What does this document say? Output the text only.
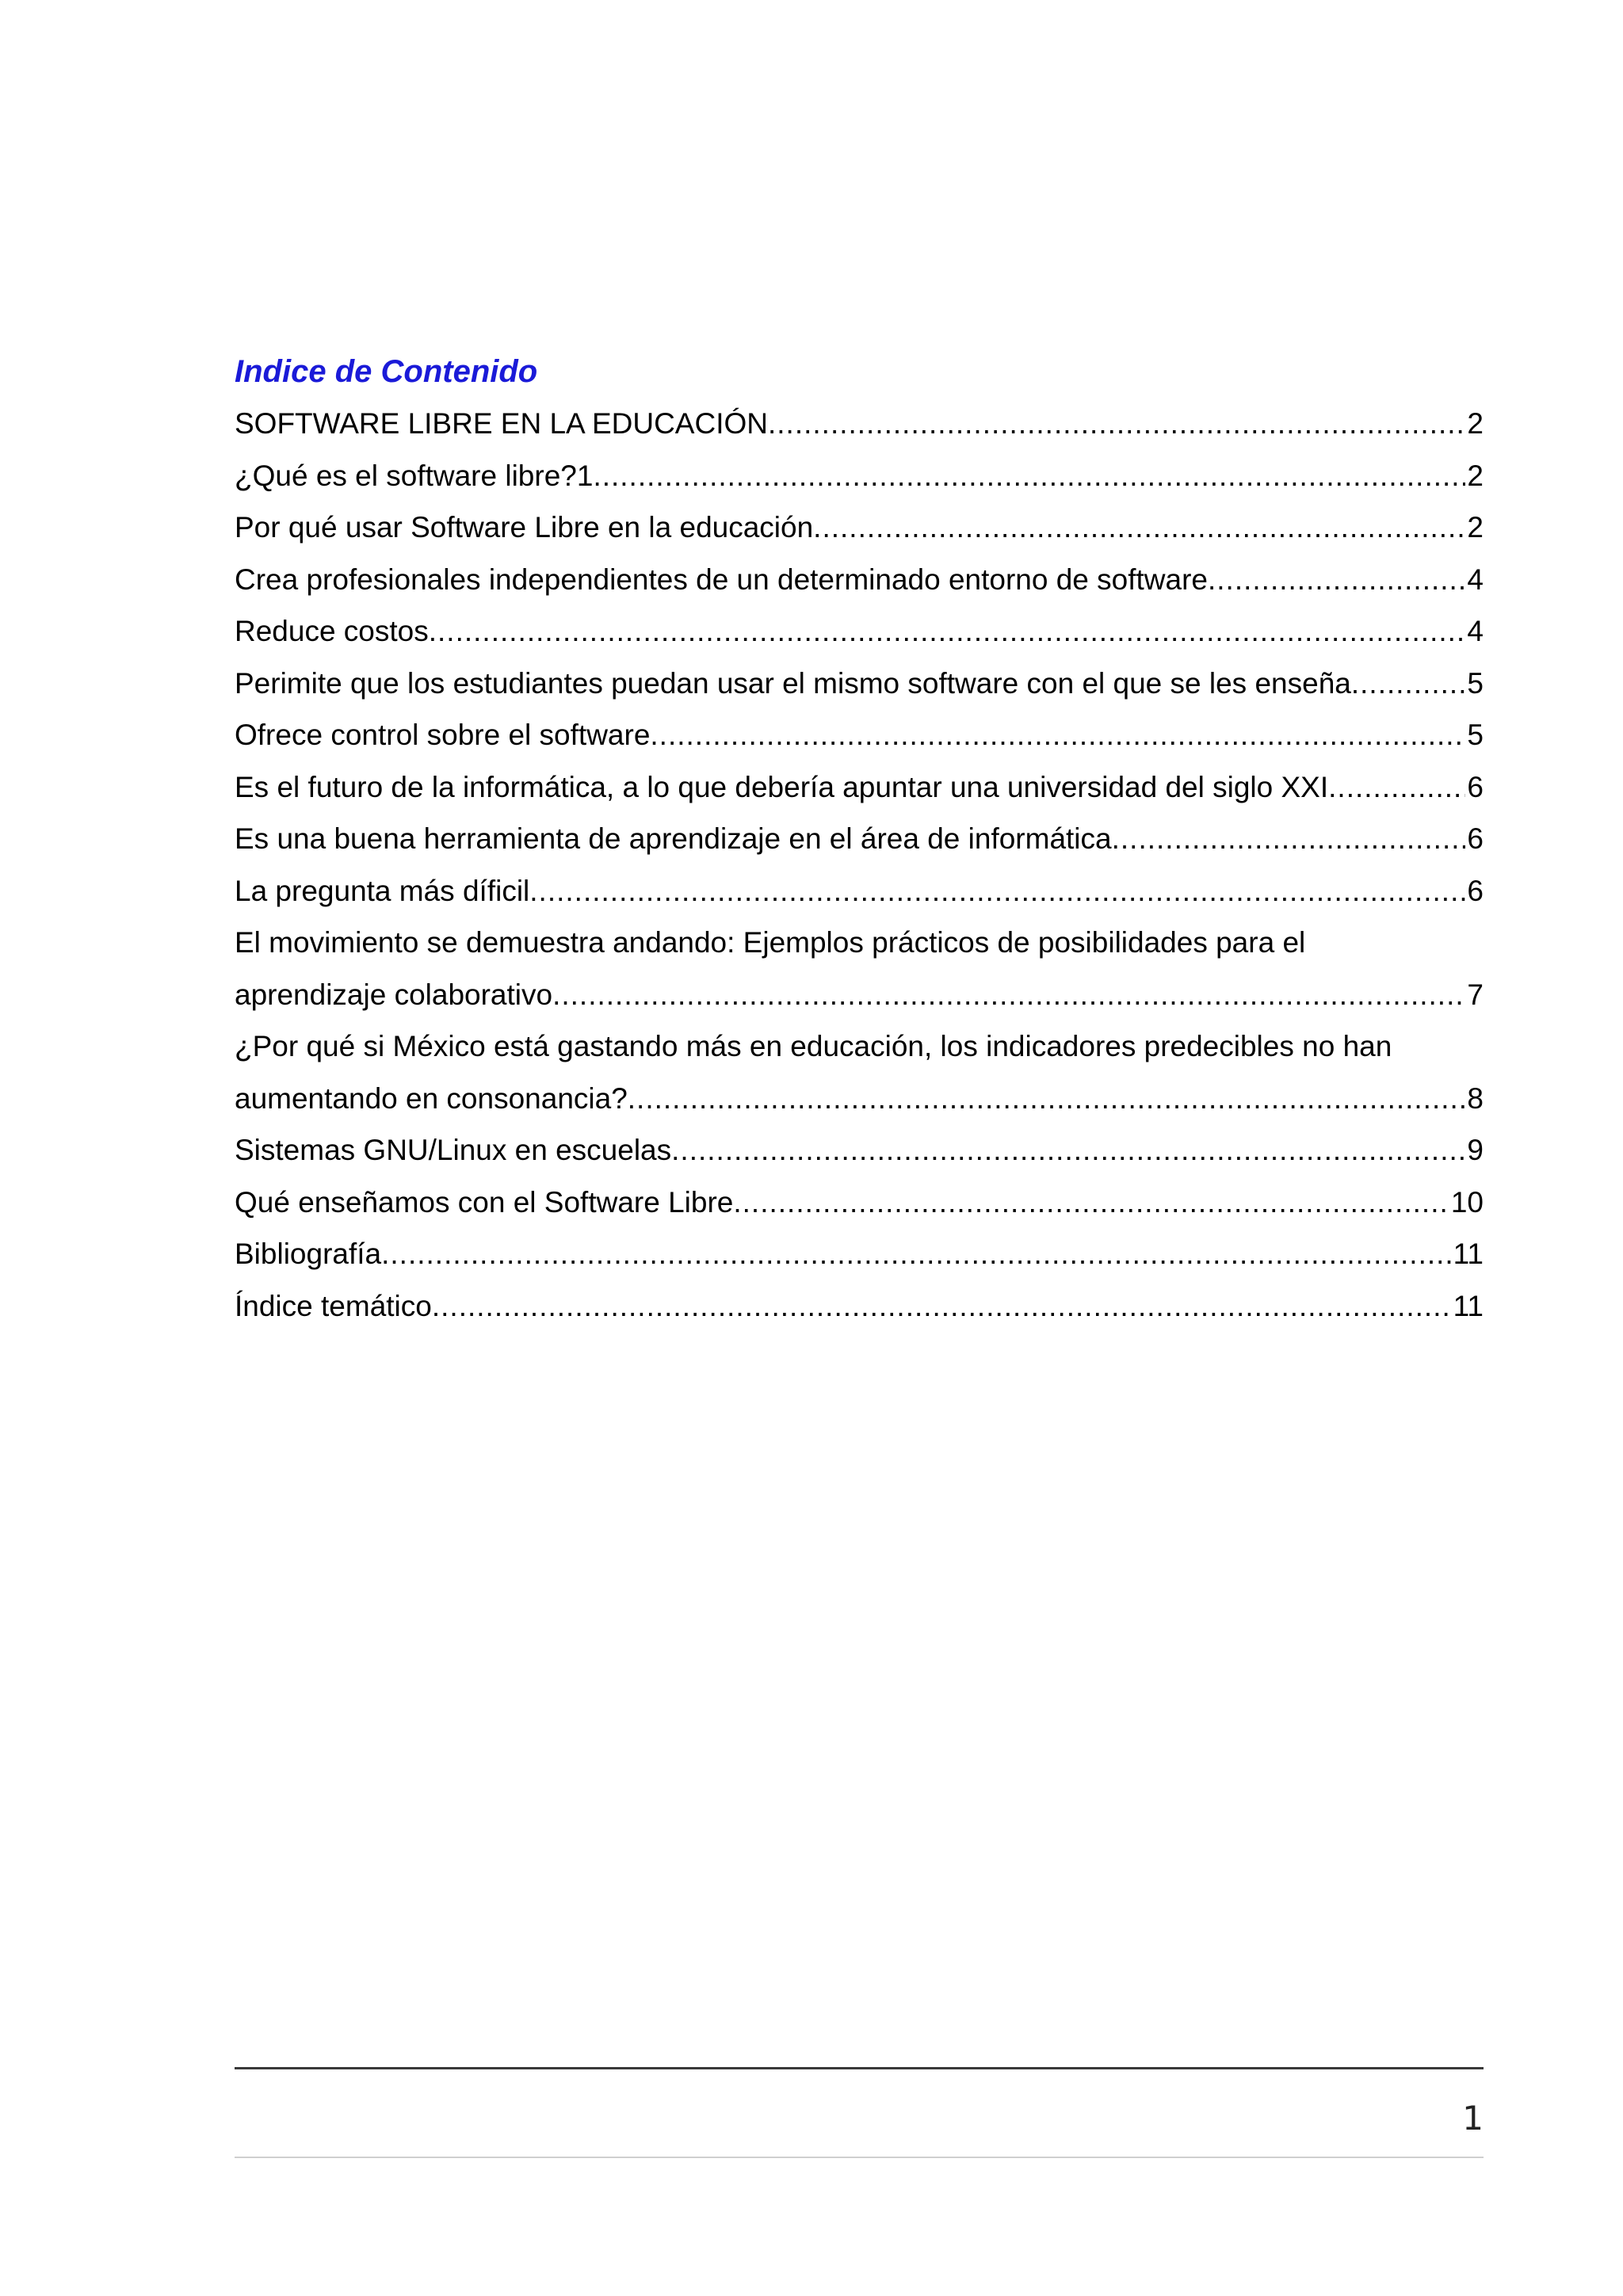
Indice de Contenido
SOFTWARE LIBRE EN LA EDUCACIÓN .....	2
¿Qué es el software libre?1 .....	2
Por qué usar Software Libre en la educación .....	2
Crea profesionales independientes de un determinado entorno de software .....	4
Reduce costos .....	4
Perimite que los estudiantes puedan usar el mismo software con el que se les enseña .....	5
Ofrece control sobre el software .....	5
Es el futuro de la informática, a lo que debería apuntar una universidad del siglo XXI .....	6
Es una buena herramienta de aprendizaje en el área de informática .....	6
La pregunta más díficil .....	6
El movimiento se demuestra andando: Ejemplos prácticos de posibilidades para el
aprendizaje colaborativo .....	7
¿Por qué si México está gastando más en educación, los indicadores predecibles no han
aumentando en consonancia? .....	8
Sistemas GNU/Linux en escuelas .....	9
Qué enseñamos con el Software Libre .....	10
Bibliografía .....	11
Índice temático .....	11
1
